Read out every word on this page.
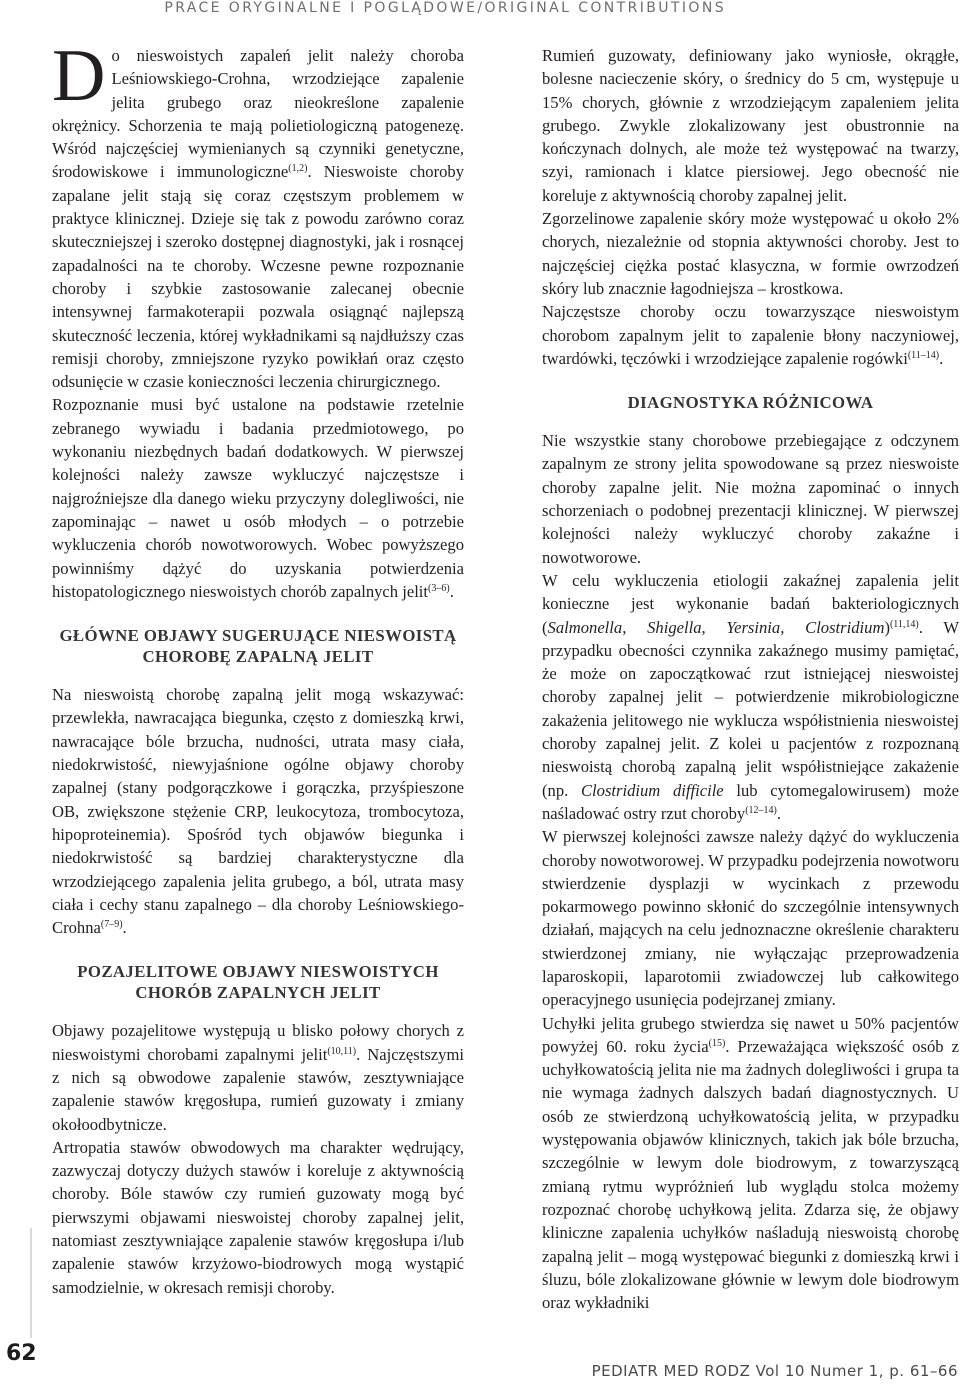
PRACE ORYGINALNE I POGLĄDOWE/ORIGINAL CONTRIBUTIONS

Do nieswoistych zapaleń jelit należy choroba Leśniowskiego-Crohna, wrzodziejące zapalenie jelita grubego oraz nieokreślone zapalenie okrężnicy. Schorzenia te mają polietiologiczną patogenezę. Wśród najczęściej wymienianych są czynniki genetyczne, środowiskowe i immunologiczne$^{(1,2)}$. Nieswoiste choroby zapalane jelit stają się coraz częstszym problemem w praktyce klinicznej. Dzieje się tak z powodu zarówno coraz skuteczniejszej i szeroko dostępnej diagnostyki, jak i rosnącej zapadalności na te choroby. Wczesne pewne rozpoznanie choroby i szybkie zastosowanie zalecanej obecnie intensywnej farmakoterapii pozwala osiągnąć najlepszą skuteczność leczenia, której wykładnikami są najdłuższy czas remisji choroby, zmniejszone ryzyko powikłań oraz często odsunięcie w czasie konieczności leczenia chirurgicznego.

Rozpoznanie musi być ustalone na podstawie rzetelnie zebranego wywiadu i badania przedmiotowego, po wykonaniu niezbędnych badań dodatkowych. W pierwszej kolejności należy zawsze wykluczyć najczęstsze i najgroźniejsze dla danego wieku przyczyny dolegliwości, nie zapominając – nawet u osób młodych – o potrzebie wykluczenia chorób nowotworowych. Wobec powyższego powinniśmy dążyć do uzyskania potwierdzenia histopatologicznego nieswoistych chorób zapalnych jelit$^{(3-6)}$.

GŁÓWNE OBJAWY SUGERUJĄCE NIESWOISTĄ CHOROBĘ ZAPALNĄ JELIT

Na nieswoistą chorobę zapalną jelit mogą wskazywać: przewlekła, nawracająca biegunka, często z domieszką krwi, nawracające bóle brzucha, nudności, utrata masy ciała, niedokrwistość, niewyjaśnione ogólne objawy choroby zapalnej (stany podgorączkowe i gorączka, przyśpieszone OB, zwiększone stężenie CRP, leukocytoza, trombocytoza, hipoproteinemia). Spośród tych objawów biegunka i niedokrwistość są bardziej charakterystyczne dla wrzodziejącego zapalenia jelita grubego, a ból, utrata masy ciała i cechy stanu zapalnego – dla choroby Leśniowskiego-Crohna$^{(7-9)}$.

POZAJELITOWE OBJAWY NIESWOISTYCH CHORÓB ZAPALNYCH JELIT

Objawy pozajelitowe występują u blisko połowy chorych z nieswoistymi chorobami zapalnymi jelit$^{(10,11)}$. Najczęstszymi z nich są obwodowe zapalenie stawów, zesztywniające zapalenie stawów kręgosłupa, rumień guzowaty i zmiany okołoodbytnicze.

Artropatia stawów obwodowych ma charakter wędrujący, zazwyczaj dotyczy dużych stawów i koreluje z aktywnością choroby. Bóle stawów czy rumień guzowaty mogą być pierwszymi objawami nieswoistej choroby zapalnej jelit, natomiast zesztywniające zapalenie stawów kręgosłupa i/lub zapalenie stawów krzyżowo-biodrowych mogą wystąpić samodzielnie, w okresach remisji choroby.

Rumień guzowaty, definiowany jako wyniosłe, okrągłe, bolesne nacieczenie skóry, o średnicy do 5 cm, występuje u 15% chorych, głównie z wrzodziejącym zapaleniem jelita grubego. Zwykle zlokalizowany jest obustronnie na kończynach dolnych, ale może też występować na twarzy, szyi, ramionach i klatce piersiowej. Jego obecność nie koreluje z aktywnością choroby zapalnej jelit.

Zgorzelinowe zapalenie skóry może występować u około 2% chorych, niezależnie od stopnia aktywności choroby. Jest to najczęściej ciężka postać klasyczna, w formie owrzodzeń skóry lub znacznie łagodniejsza – krostkowa.

Najczęstsze choroby oczu towarzyszące nieswoistym chorobom zapalnym jelit to zapalenie błony naczyniowej, twardówki, tęczówki i wrzodziejące zapalenie rogówki$^{(11-14)}$.

DIAGNOSTYKA RÓŻNICOWA

Nie wszystkie stany chorobowe przebiegające z odczynem zapalnym ze strony jelita spowodowane są przez nieswoiste choroby zapalne jelit. Nie można zapominać o innych schorzeniach o podobnej prezentacji klinicznej. W pierwszej kolejności należy wykluczyć choroby zakaźne i nowotworowe.

W celu wykluczenia etiologii zakaźnej zapalenia jelit konieczne jest wykonanie badań bakteriologicznych (Salmonella, Shigella, Yersinia, Clostridium)$^{(11,14)}$. W przypadku obecności czynnika zakaźnego musimy pamiętać, że może on zapoczątkować rzut istniejącej nieswoistej choroby zapalnej jelit – potwierdzenie mikrobiologiczne zakażenia jelitowego nie wyklucza współistnienia nieswoistej choroby zapalnej jelit. Z kolei u pacjentów z rozpoznaną nieswoistą chorobą zapalną jelit współistniejące zakażenie (np. Clostridium difficile lub cytomegalowirusem) może naśladować ostry rzut choroby$^{(12-14)}$.

W pierwszej kolejności zawsze należy dążyć do wykluczenia choroby nowotworowej. W przypadku podejrzenia nowotworu stwierdzenie dysplazji w wycinkach z przewodu pokarmowego powinno skłonić do szczególnie intensywnych działań, mających na celu jednoznaczne określenie charakteru stwierdzonej zmiany, nie wyłączając przeprowadzenia laparoskopii, laparotomii zwiadowczej lub całkowitego operacyjnego usunięcia podejrzanej zmiany.

Uchyłki jelita grubego stwierdza się nawet u 50% pacjentów powyżej 60. roku życia$^{(15)}$. Przeważająca większość osób z uchyłkowatością jelita nie ma żadnych dolegliwości i grupa ta nie wymaga żadnych dalszych badań diagnostycznych. U osób ze stwierdzoną uchyłkowatością jelita, w przypadku występowania objawów klinicznych, takich jak bóle brzucha, szczególnie w lewym dole biodrowym, z towarzyszącą zmianą rytmu wypróżnień lub wyglądu stolca możemy rozpoznać chorobę uchyłkową jelita. Zdarza się, że objawy kliniczne zapalenia uchyłków naśladują nieswoistą chorobę zapalną jelit – mogą występować biegunki z domieszką krwi i śluzu, bóle zlokalizowane głównie w lewym dole biodrowym oraz wykładniki

62
PEDIATR MED RODZ Vol 10 Numer 1, p. 61–66
